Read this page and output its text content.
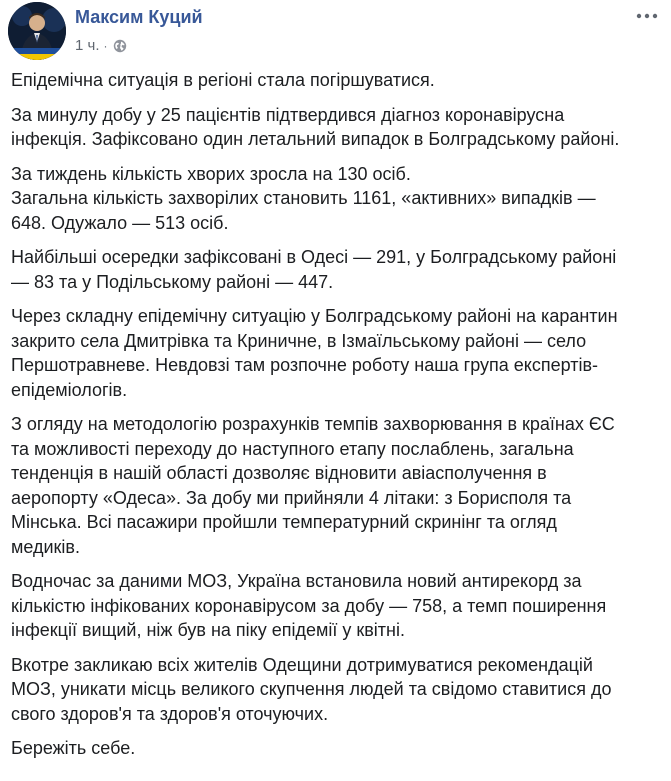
Максим Куций
1 ч. ·

Епідемічна ситуація в регіоні стала погіршуватися.

За минулу добу у 25 пацієнтів підтвердився діагноз коронавірусна
інфекція. Зафіксовано один летальний випадок в Болградському районі.

За тиждень кількість хворих зросла на 130 осіб.
Загальна кількість захворілих становить 1161, «активних» випадків —
648. Одужало — 513 осіб.

Найбільші осередки зафіксовані в Одесі — 291, у Болградському районі
— 83 та у Подільському районі — 447.

Через складну епідемічну ситуацію у Болградському районі на карантин
закрито села Дмитрівка та Криничне, в Ізмаїльському районі — село
Першотравневе. Невдовзі там розпочне роботу наша група експертів-
епідеміологів.

З огляду на методологію розрахунків темпів захворювання в країнах ЄС
та можливості переходу до наступного етапу послаблень, загальна
тенденція в нашій області дозволяє відновити авіасполучення в
аеропорту «Одеса». За добу ми прийняли 4 літаки: з Борисполя та
Мінська. Всі пасажири пройшли температурний скринінг та огляд
медиків.

Водночас за даними МОЗ, Україна встановила новий антирекорд за
кількістю інфікованих коронавірусом за добу — 758, а темп поширення
інфекції вищий, ніж був на піку епідемії у квітні.

Вкотре закликаю всіх жителів Одещини дотримуватися рекомендацій
МОЗ, уникати місць великого скупчення людей та свідомо ставитися до
свого здоров'я та здоров'я оточуючих.

Бережіть себе.
